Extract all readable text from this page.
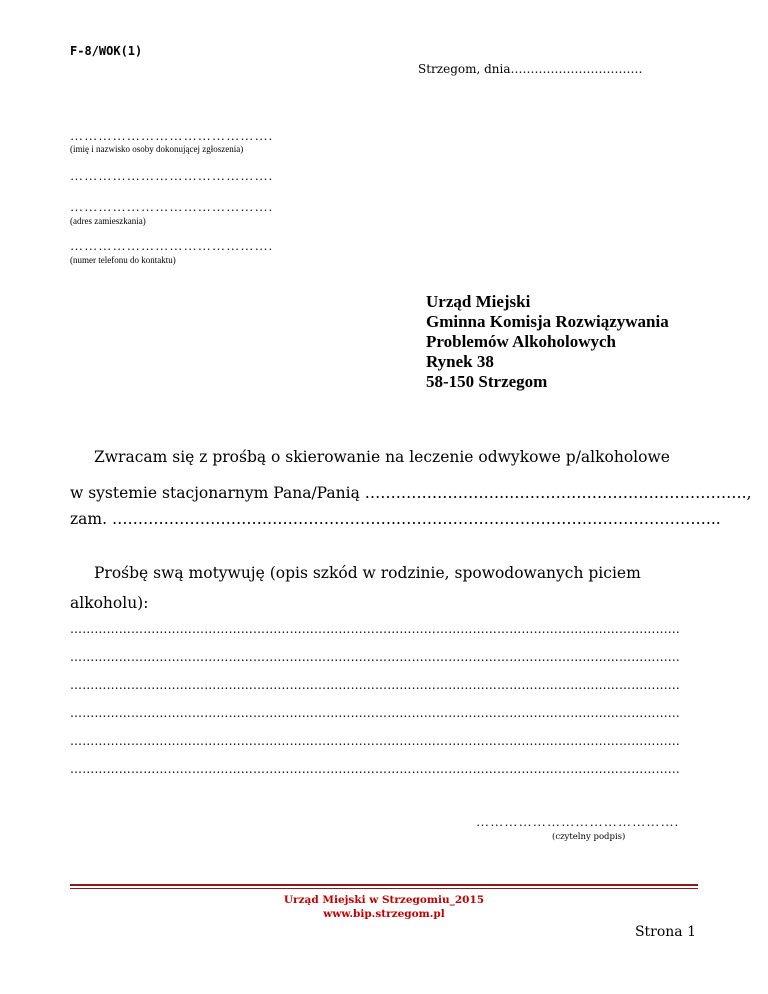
F-8/WOK(1)
Strzegom, dnia……………………………
…………………………………….
(imię i nazwisko osoby dokonującej zgłoszenia)
…………………………………….
…………………………………….
(adres zamieszkania)
…………………………………….
(numer telefonu do kontaktu)
Urząd Miejski
Gminna Komisja Rozwiązywania
Problemów Alkoholowych
Rynek 38
58-150 Strzegom
Zwracam się z prośbą o skierowanie na leczenie odwykowe p/alkoholowe
w systemie stacjonarnym Pana/Panią ……………………….……………………………………….,
zam. ……………………………………………….……………………………………………………...
Prośbę swą motywuję (opis szkód w rodzinie, spowodowanych piciem
alkoholu):
……………………………………………………………………………………………………………………………………
……………………………………………………………………………………………………………………………………
……………………………………………………………………………………………………………………………………
……………………………………………………………………………………………………………………………………
……………………………………………………………………………………………………………………………………
……………………………………………………………………………………………………………………………………
…………………………………….
(czytelny podpis)
Urząd Miejski w Strzegomiu_2015
www.bip.strzegom.pl
Strona 1
